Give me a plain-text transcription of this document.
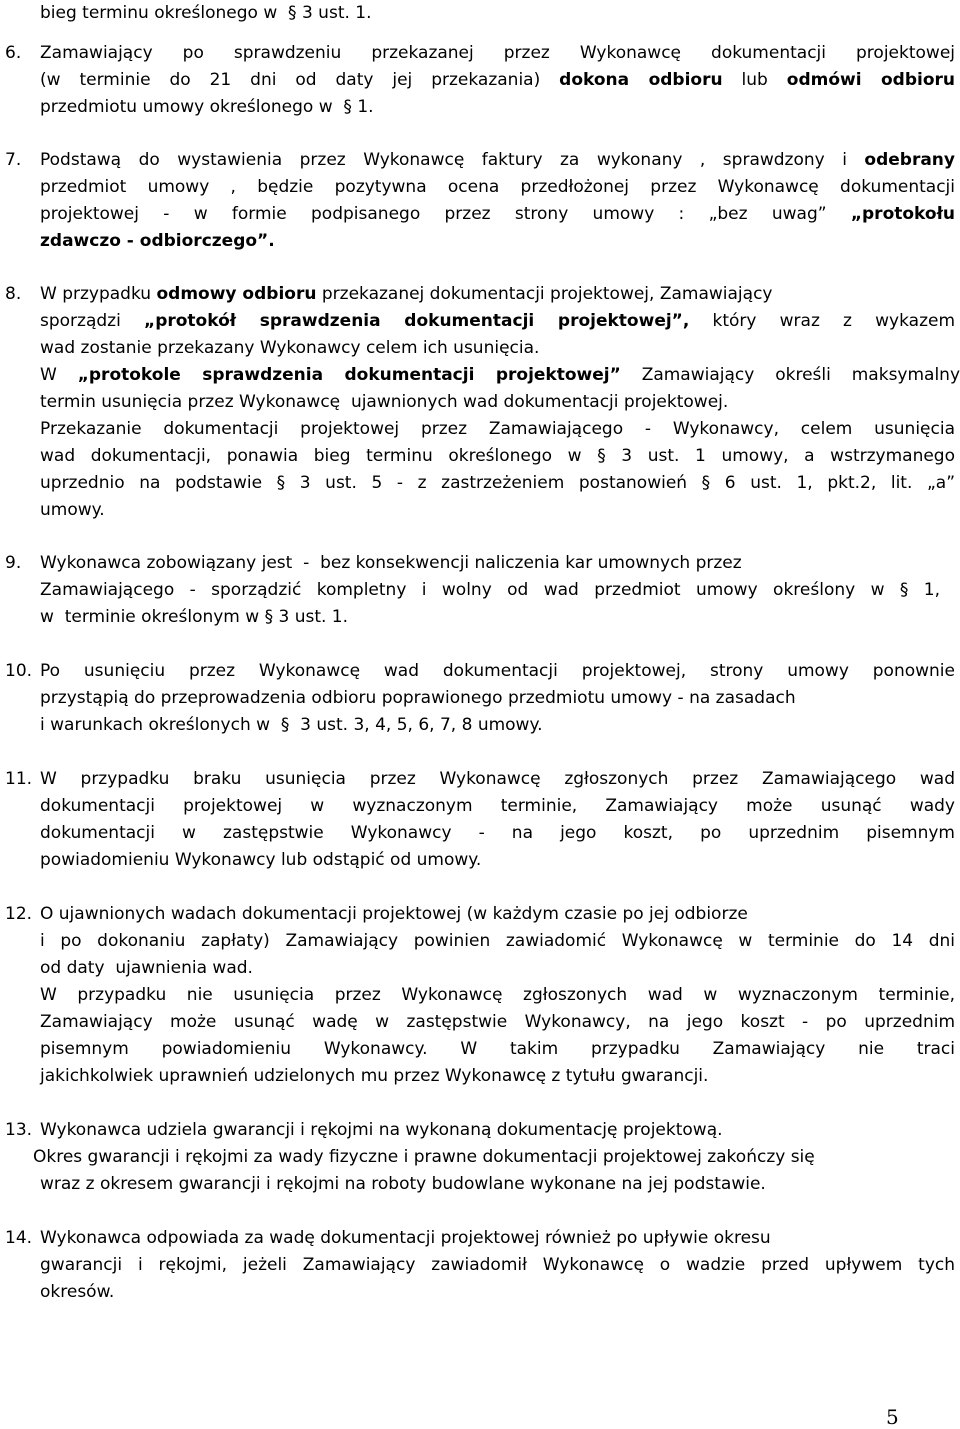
bieg terminu określonego w  § 3 ust. 1.
6. Zamawiający po sprawdzeniu przekazanej przez Wykonawcę dokumentacji projektowej
(w terminie do 21 dni od daty jej przekazania) dokona odbioru lub odmówi odbioru
przedmiotu umowy określonego w  § 1.
7. Podstawą do wystawienia przez Wykonawcę faktury za wykonany , sprawdzony i odebrany
przedmiot umowy , będzie pozytywna ocena przedłożonej przez Wykonawcę dokumentacji
projektowej - w formie podpisanego przez strony umowy : „bez uwag” „protokołu
zdawczo - odbiorczego”.
8. W przypadku odmowy odbioru przekazanej dokumentacji projektowej, Zamawiający
sporządzi „protokół sprawdzenia dokumentacji projektowej”, który wraz z wykazem
wad zostanie przekazany Wykonawcy celem ich usunięcia.
W „protokole sprawdzenia dokumentacji projektowej” Zamawiający określi maksymalny
termin usunięcia przez Wykonawcę  ujawnionych wad dokumentacji projektowej.
Przekazanie dokumentacji projektowej przez Zamawiającego - Wykonawcy, celem usunięcia
wad dokumentacji, ponawia bieg terminu określonego w § 3 ust. 1 umowy, a wstrzymanego
uprzednio na podstawie § 3 ust. 5 - z zastrzeżeniem postanowień § 6 ust. 1, pkt.2, lit. „a”
umowy.
9. Wykonawca zobowiązany jest  -  bez konsekwencji naliczenia kar umownych przez
Zamawiającego - sporządzić kompletny i wolny od wad przedmiot umowy określony w § 1,
w  terminie określonym w § 3 ust. 1.
10. Po usunięciu przez Wykonawcę wad dokumentacji projektowej, strony umowy ponownie
przystąpią do przeprowadzenia odbioru poprawionego przedmiotu umowy - na zasadach
i warunkach określonych w  §  3 ust. 3, 4, 5, 6, 7, 8 umowy.
11. W przypadku braku usunięcia przez Wykonawcę zgłoszonych przez Zamawiającego wad
dokumentacji projektowej w wyznaczonym terminie, Zamawiający może usunąć wady
dokumentacji w zastępstwie Wykonawcy - na jego koszt, po uprzednim pisemnym
powiadomieniu Wykonawcy lub odstąpić od umowy.
12. O ujawnionych wadach dokumentacji projektowej (w każdym czasie po jej odbiorze
i po dokonaniu zapłaty) Zamawiający powinien zawiadomić Wykonawcę w terminie do 14 dni
od daty  ujawnienia wad.
W przypadku nie usunięcia przez Wykonawcę zgłoszonych wad w wyznaczonym terminie,
Zamawiający może usunąć wadę w zastępstwie Wykonawcy, na jego koszt - po uprzednim
pisemnym powiadomieniu Wykonawcy. W takim przypadku Zamawiający nie traci
jakichkolwiek uprawnień udzielonych mu przez Wykonawcę z tytułu gwarancji.
13. Wykonawca udziela gwarancji i rękojmi na wykonaną dokumentację projektową.
Okres gwarancji i rękojmi za wady fizyczne i prawne dokumentacji projektowej zakończy się
wraz z okresem gwarancji i rękojmi na roboty budowlane wykonane na jej podstawie.
14. Wykonawca odpowiada za wadę dokumentacji projektowej również po upływie okresu
gwarancji i rękojmi, jeżeli Zamawiający zawiadomił Wykonawcę o wadzie przed upływem tych
okresów.
5
